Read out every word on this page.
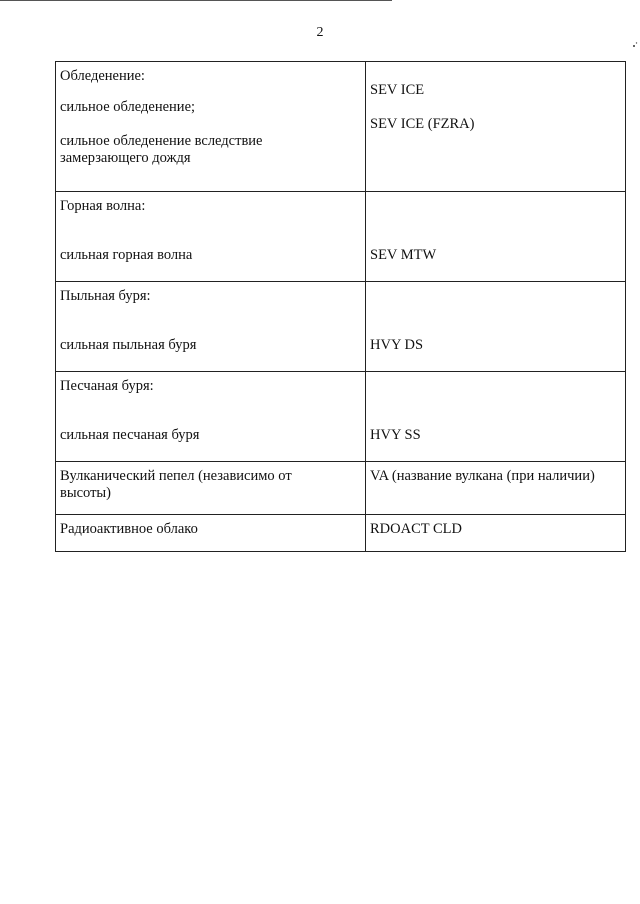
2
Обледенение:
сильное обледенение;
сильное обледенение вследствие
замерзающего дождя	SEV ICE
SEV ICE (FZRA)

Горная волна:
сильная горная волна	SEV MTW

Пыльная буря:
сильная пыльная буря	HVY DS

Песчаная буря:
сильная песчаная буря	HVY SS

Вулканический пепел (независимо от
высоты)	VA (название вулкана (при наличии)

Радиоактивное облако	RDOACT CLD
